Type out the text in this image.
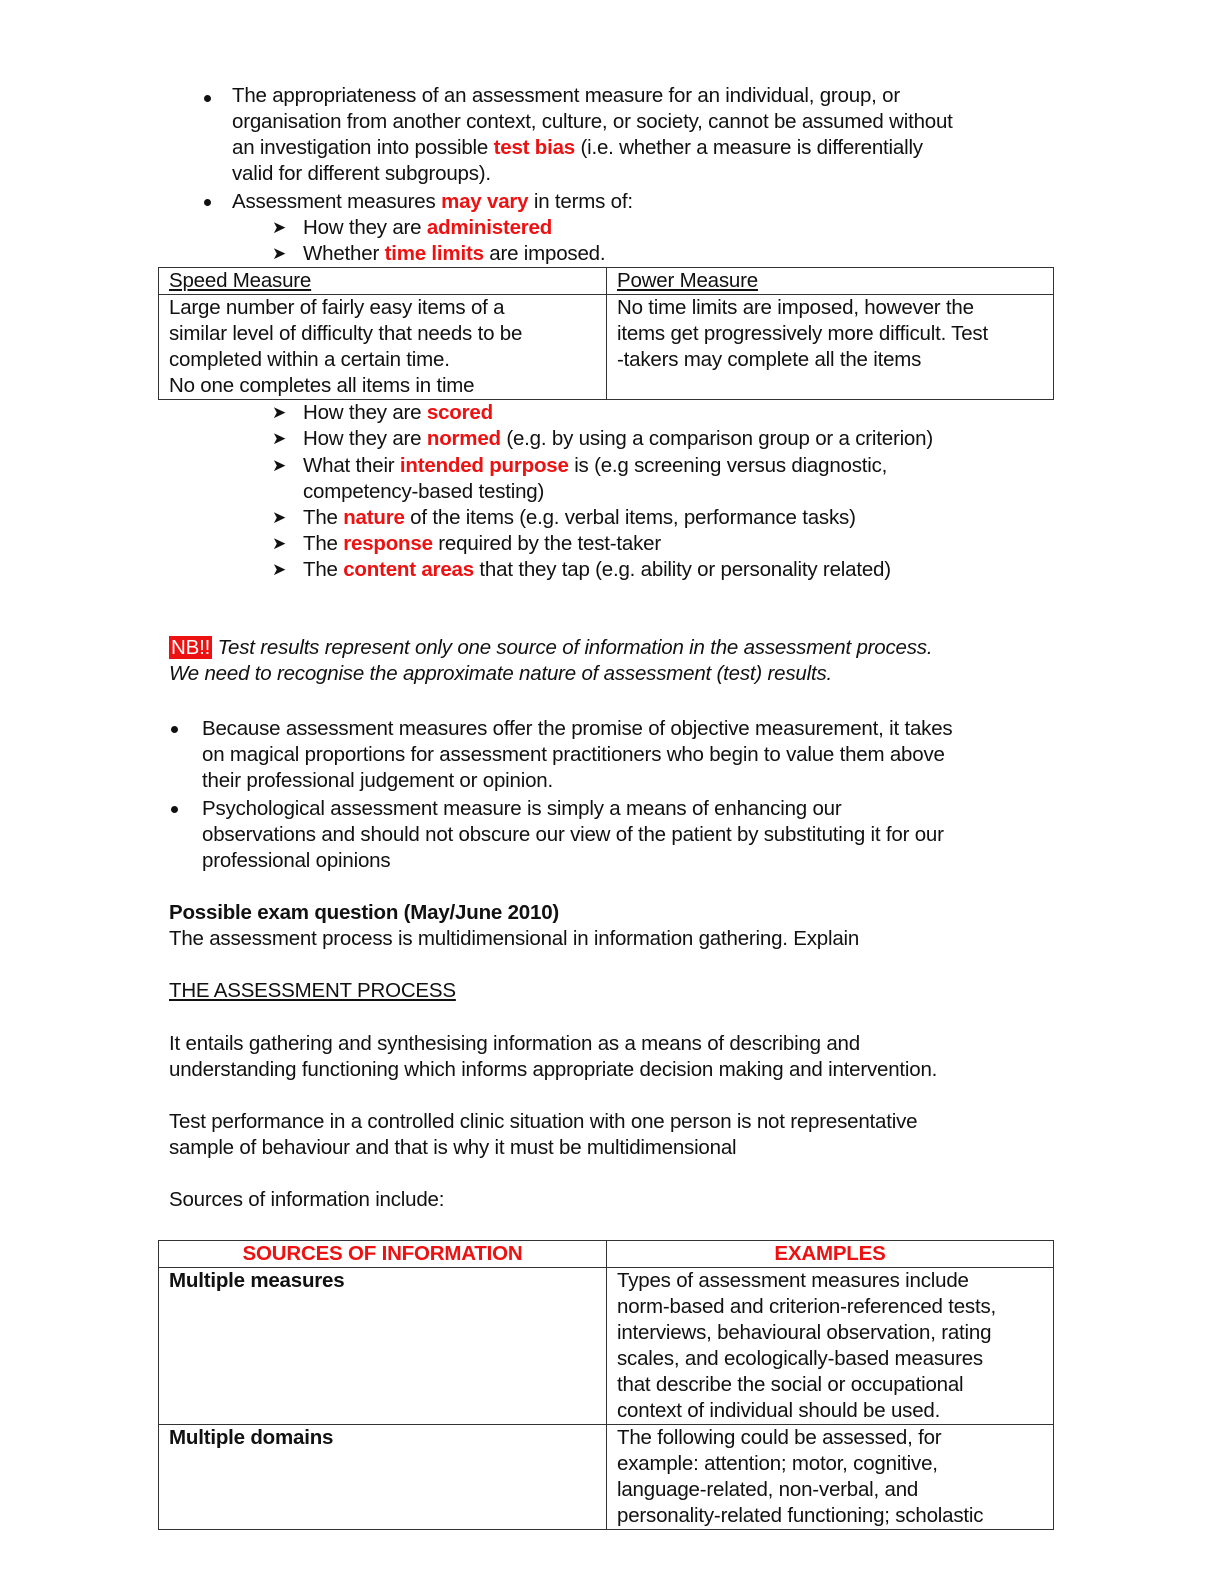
The appropriateness of an assessment measure for an individual, group, or
organisation from another context, culture, or society, cannot be assumed without
an investigation into possible test bias (i.e. whether a measure is differentially
valid for different subgroups).
Assessment measures may vary in terms of:
➤ How they are administered
➤ Whether time limits are imposed.
Speed Measure	Power Measure

Large number of fairly easy items of a
similar level of difficulty that needs to be
completed within a certain time.
No one completes all items in time	No time limits are imposed, however the
items get progressively more difficult. Test
-takers may complete all the items
➤ How they are scored
➤ How they are normed (e.g. by using a comparison group or a criterion)
➤ What their intended purpose is (e.g screening versus diagnostic,
competency-based testing)
➤ The nature of the items (e.g. verbal items, performance tasks)
➤ The response required by the test-taker
➤ The content areas that they tap (e.g. ability or personality related)
NB!! Test results represent only one source of information in the assessment process.
We need to recognise the approximate nature of assessment (test) results.
Because assessment measures offer the promise of objective measurement, it takes
on magical proportions for assessment practitioners who begin to value them above
their professional judgement or opinion.
Psychological assessment measure is simply a means of enhancing our
observations and should not obscure our view of the patient by substituting it for our
professional opinions
Possible exam question (May/June 2010)
The assessment process is multidimensional in information gathering. Explain
THE ASSESSMENT PROCESS
It entails gathering and synthesising information as a means of describing and
understanding functioning which informs appropriate decision making and intervention.
Test performance in a controlled clinic situation with one person is not representative
sample of behaviour and that is why it must be multidimensional
Sources of information include:
SOURCES OF INFORMATION	EXAMPLES
Multiple measures	Types of assessment measures include
norm-based and criterion-referenced tests,
interviews, behavioural observation, rating
scales, and ecologically-based measures
that describe the social or occupational
context of individual should be used.

Multiple domains	The following could be assessed, for
example: attention; motor, cognitive,
language-related, non-verbal, and
personality-related functioning; scholastic
